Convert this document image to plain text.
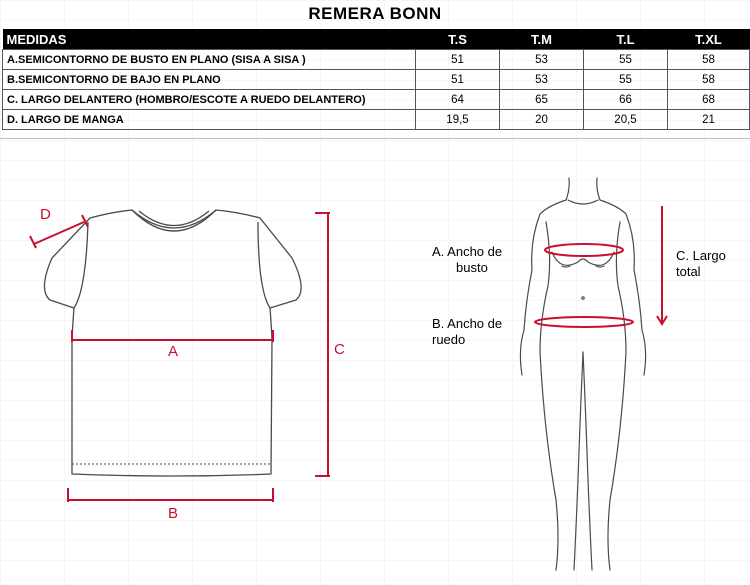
REMERA BONN
MEDIDAS	T.S	T.M	T.L	T.XL
A.SEMICONTORNO DE BUSTO EN PLANO (SISA A SISA )	51	53	55	58
B.SEMICONTORNO DE BAJO EN PLANO	51	53	55	58
C. LARGO DELANTERO (HOMBRO/ESCOTE A RUEDO DELANTERO)	64	65	66	68
D. LARGO DE MANGA	19,5	20	20,5	21
A
B
C
D
A. Ancho de
busto
B. Ancho de
ruedo
C. Largo
total
